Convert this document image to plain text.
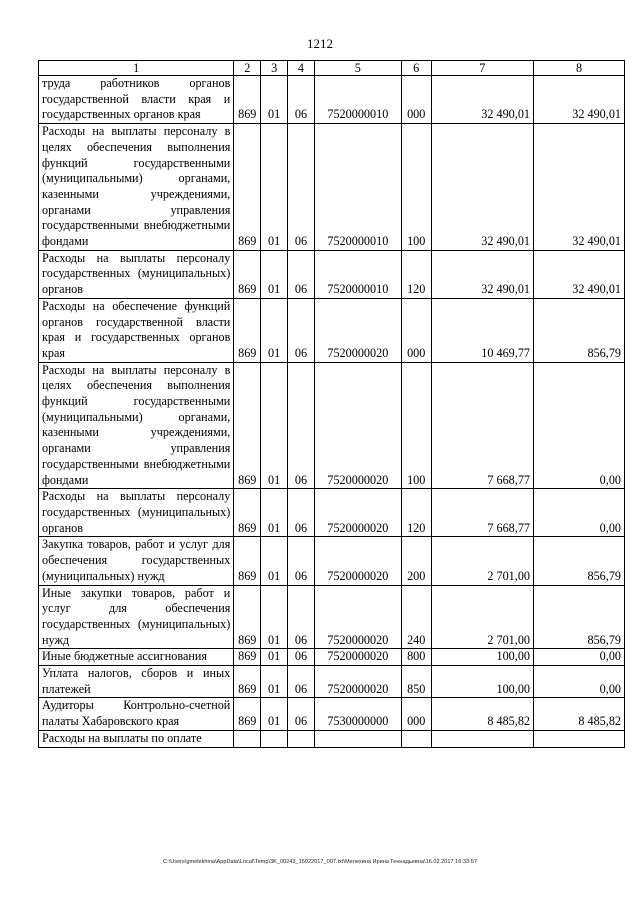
1212
1	2	3	4	5	6	7	8
труда работников органов государственной власти края и государственных органов края	869	01	06	7520000010	000	32 490,01	32 490,01
Расходы на выплаты персоналу в целях обеспечения выполнения функций государственными (муниципальными) органами, казенными учреждениями, органами управления государственными внебюджетными фондами	869	01	06	7520000010	100	32 490,01	32 490,01
Расходы на выплаты персоналу государственных (муниципальных) органов	869	01	06	7520000010	120	32 490,01	32 490,01
Расходы на обеспечение функций органов государственной власти края и государственных органов края	869	01	06	7520000020	000	10 469,77	856,79
Расходы на выплаты персоналу в целях обеспечения выполнения функций государственными (муниципальными) органами, казенными учреждениями, органами управления государственными внебюджетными фондами	869	01	06	7520000020	100	7 668,77	0,00
Расходы на выплаты персоналу государственных (муниципальных) органов	869	01	06	7520000020	120	7 668,77	0,00
Закупка товаров, работ и услуг для обеспечения государственных (муниципальных) нужд	869	01	06	7520000020	200	2 701,00	856,79
Иные закупки товаров, работ и услуг для обеспечения государственных (муниципальных) нужд	869	01	06	7520000020	240	2 701,00	856,79
Иные бюджетные ассигнования	869	01	06	7520000020	800	100,00	0,00
Уплата налогов, сборов и иных платежей	869	01	06	7520000020	850	100,00	0,00
Аудиторы Контрольно-счетной палаты Хабаровского края	869	01	06	7530000000	000	8 485,82	8 485,82
Расходы на выплаты по оплате							
C:\Users\gmelekhina\AppData\Local\Temp\3K_00243_15022017_007.txt\Мелехина Ирина Геннадьевна\16.02.2017 16:33:57
